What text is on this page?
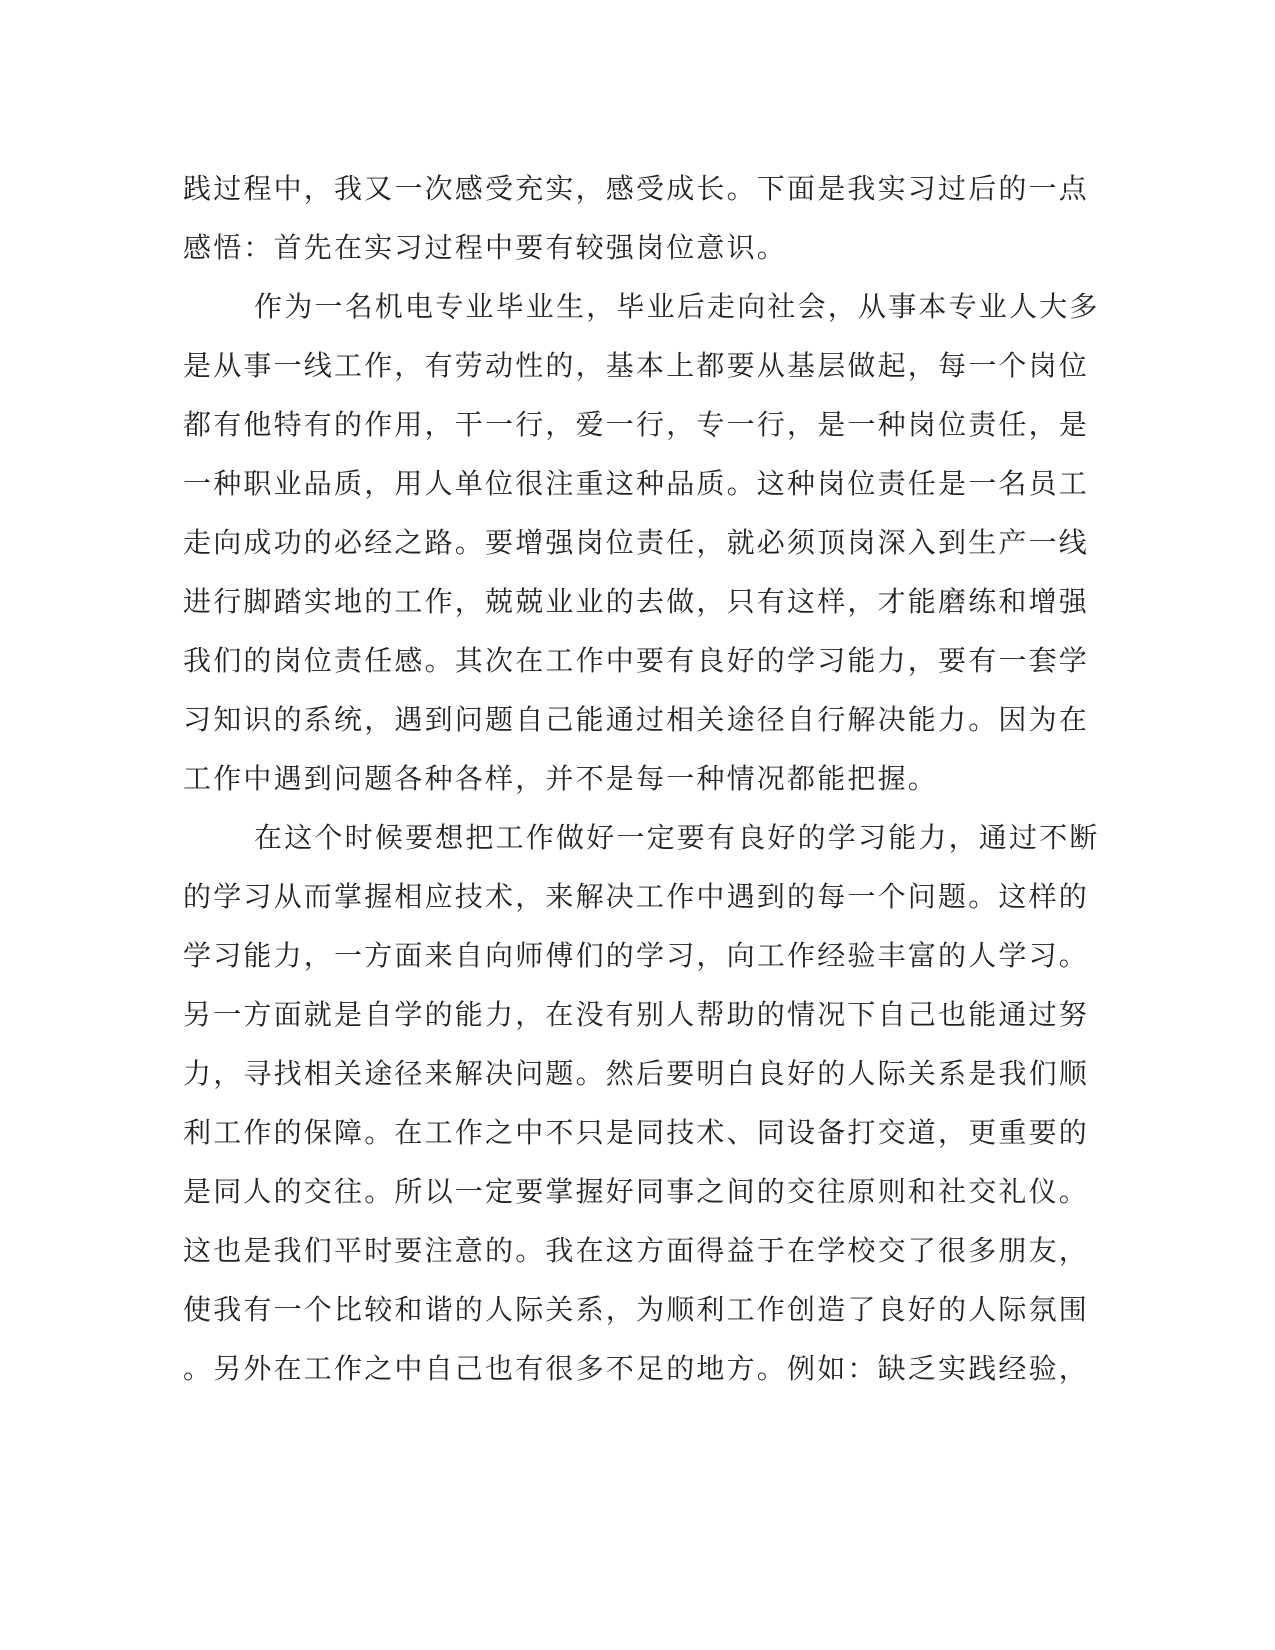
践过程中，我又一次感受充实，感受成长。下面是我实习过后的一点
感悟：首先在实习过程中要有较强岗位意识。
作为一名机电专业毕业生，毕业后走向社会，从事本专业人大多
是从事一线工作，有劳动性的，基本上都要从基层做起，每一个岗位
都有他特有的作用，干一行，爱一行，专一行，是一种岗位责任，是
一种职业品质，用人单位很注重这种品质。这种岗位责任是一名员工
走向成功的必经之路。要增强岗位责任，就必须顶岗深入到生产一线
进行脚踏实地的工作，兢兢业业的去做，只有这样，才能磨练和增强
我们的岗位责任感。其次在工作中要有良好的学习能力，要有一套学
习知识的系统，遇到问题自己能通过相关途径自行解决能力。因为在
工作中遇到问题各种各样，并不是每一种情况都能把握。
在这个时候要想把工作做好一定要有良好的学习能力，通过不断
的学习从而掌握相应技术，来解决工作中遇到的每一个问题。这样的
学习能力，一方面来自向师傅们的学习，向工作经验丰富的人学习。
另一方面就是自学的能力，在没有别人帮助的情况下自己也能通过努
力，寻找相关途径来解决问题。然后要明白良好的人际关系是我们顺
利工作的保障。在工作之中不只是同技术、同设备打交道，更重要的
是同人的交往。所以一定要掌握好同事之间的交往原则和社交礼仪。
这也是我们平时要注意的。我在这方面得益于在学校交了很多朋友，
使我有一个比较和谐的人际关系，为顺利工作创造了良好的人际氛围
。另外在工作之中自己也有很多不足的地方。例如：缺乏实践经验，
